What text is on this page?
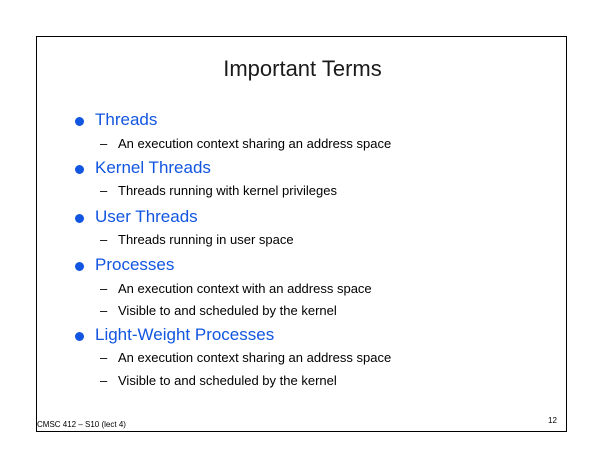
Important Terms
Threads
– An execution context sharing an address space
Kernel Threads
– Threads running with kernel privileges
User Threads
– Threads running in user space
Processes
– An execution context with an address space
– Visible to and scheduled by the kernel
Light-Weight Processes
– An execution context sharing an address space
– Visible to and scheduled by the kernel
CMSC 412 – S10 (lect 4)	12
